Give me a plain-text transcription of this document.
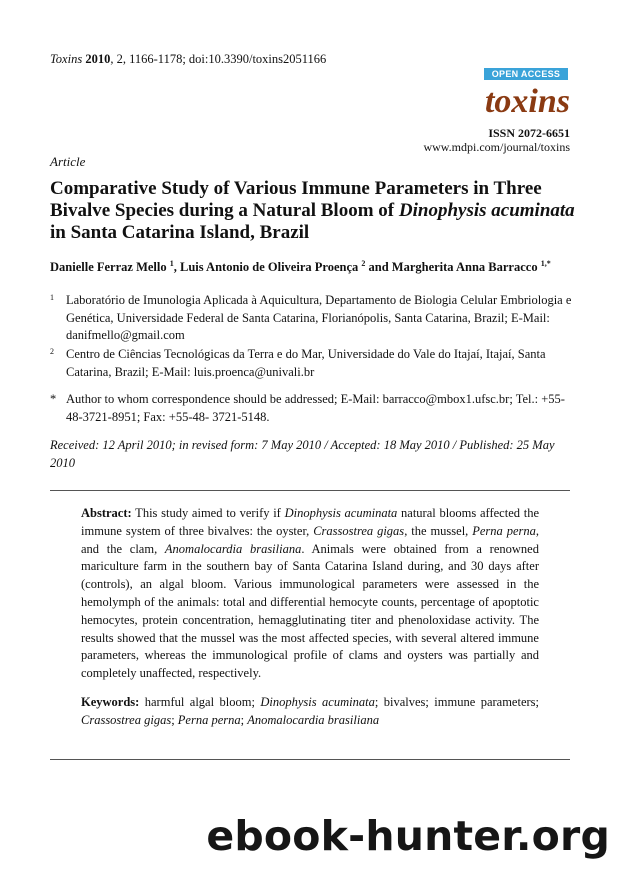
Toxins 2010, 2, 1166-1178; doi:10.3390/toxins2051166
OPEN ACCESS
toxins
ISSN 2072-6651
www.mdpi.com/journal/toxins
Article
Comparative Study of Various Immune Parameters in Three Bivalve Species during a Natural Bloom of Dinophysis acuminata in Santa Catarina Island, Brazil
Danielle Ferraz Mello $^1$, Luis Antonio de Oliveira Proença $^2$ and Margherita Anna Barracco $^{1,*}$
1 Laboratório de Imunologia Aplicada à Aquicultura, Departamento de Biologia Celular Embriologia e Genética, Universidade Federal de Santa Catarina, Florianópolis, Santa Catarina, Brazil; E-Mail: danifmello@gmail.com
2 Centro de Ciências Tecnológicas da Terra e do Mar, Universidade do Vale do Itajaí, Itajaí, Santa Catarina, Brazil; E-Mail: luis.proenca@univali.br
* Author to whom correspondence should be addressed; E-Mail: barracco@mbox1.ufsc.br; Tel.: +55-48-3721-8951; Fax: +55-48- 3721-5148.
Received: 12 April 2010; in revised form: 7 May 2010 / Accepted: 18 May 2010 / Published: 25 May 2010
Abstract: This study aimed to verify if Dinophysis acuminata natural blooms affected the immune system of three bivalves: the oyster, Crassostrea gigas, the mussel, Perna perna, and the clam, Anomalocardia brasiliana. Animals were obtained from a renowned mariculture farm in the southern bay of Santa Catarina Island during, and 30 days after (controls), an algal bloom. Various immunological parameters were assessed in the hemolymph of the animals: total and differential hemocyte counts, percentage of apoptotic hemocytes, protein concentration, hemagglutinating titer and phenoloxidase activity. The results showed that the mussel was the most affected species, with several altered immune parameters, whereas the immunological profile of clams and oysters was partially and completely unaffected, respectively.
Keywords: harmful algal bloom; Dinophysis acuminata; bivalves; immune parameters; Crassostrea gigas; Perna perna; Anomalocardia brasiliana
ebook-hunter.org
